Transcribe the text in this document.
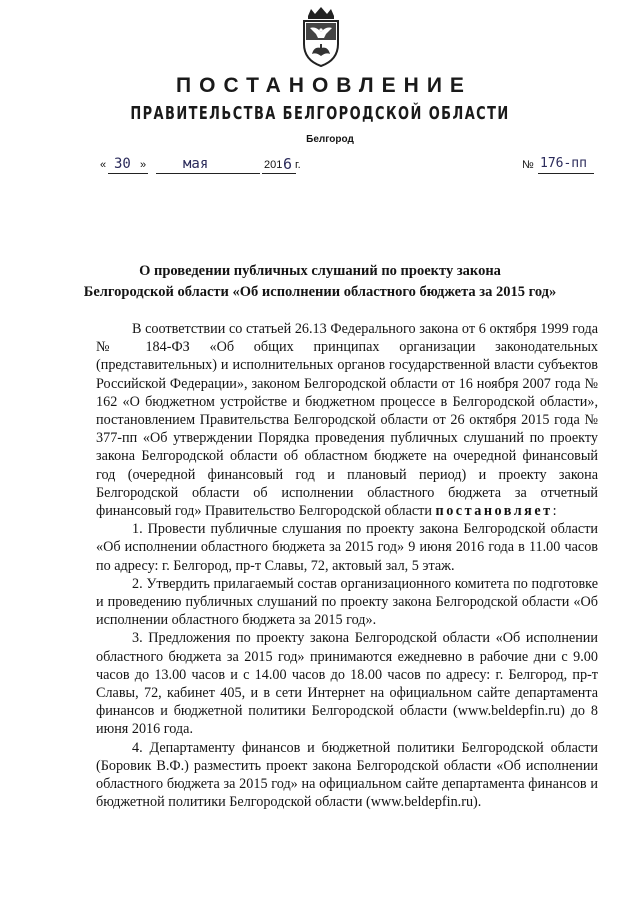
ПОСТАНОВЛЕНИЕ
ПРАВИТЕЛЬСТВА БЕЛГОРОДСКОЙ ОБЛАСТИ
Белгород
« 30 »	мая	201 6 г.	№ 176-пп
О проведении публичных слушаний по проекту закона
Белгородской области «Об исполнении областного бюджета за 2015 год»

В соответствии со статьей 26.13 Федерального закона от 6 октября 1999 года № 184-ФЗ «Об общих принципах организации законодательных (представительных) и исполнительных органов государственной власти субъектов Российской Федерации», законом Белгородской области от 16 ноября 2007 года № 162 «О бюджетном устройстве и бюджетном процессе в Белгородской области», постановлением Правительства Белгородской области от 26 октября 2015 года № 377-пп «Об утверждении Порядка проведения публичных слушаний по проекту закона Белгородской области об областном бюджете на очередной финансовый год (очередной финансовый год и плановый период) и проекту закона Белгородской области об исполнении областного бюджета за отчетный финансовый год» Правительство Белгородской области постановляет:

1. Провести публичные слушания по проекту закона Белгородской области «Об исполнении областного бюджета за 2015 год» 9 июня 2016 года в 11.00 часов по адресу: г. Белгород, пр-т Славы, 72, актовый зал, 5 этаж.

2. Утвердить прилагаемый состав организационного комитета по подготовке и проведению публичных слушаний по проекту закона Белгородской области «Об исполнении областного бюджета за 2015 год».

3. Предложения по проекту закона Белгородской области «Об исполнении областного бюджета за 2015 год» принимаются ежедневно в рабочие дни с 9.00 часов до 13.00 часов и с 14.00 часов до 18.00 часов по адресу: г. Белгород, пр-т Славы, 72, кабинет 405, и в сети Интернет на официальном сайте департамента финансов и бюджетной политики Белгородской области (www.beldepfin.ru) до 8 июня 2016 года.

4. Департаменту финансов и бюджетной политики Белгородской области (Боровик В.Ф.) разместить проект закона Белгородской области «Об исполнении областного бюджета за 2015 год» на официальном сайте департамента финансов и бюджетной политики Белгородской области (www.beldepfin.ru).
